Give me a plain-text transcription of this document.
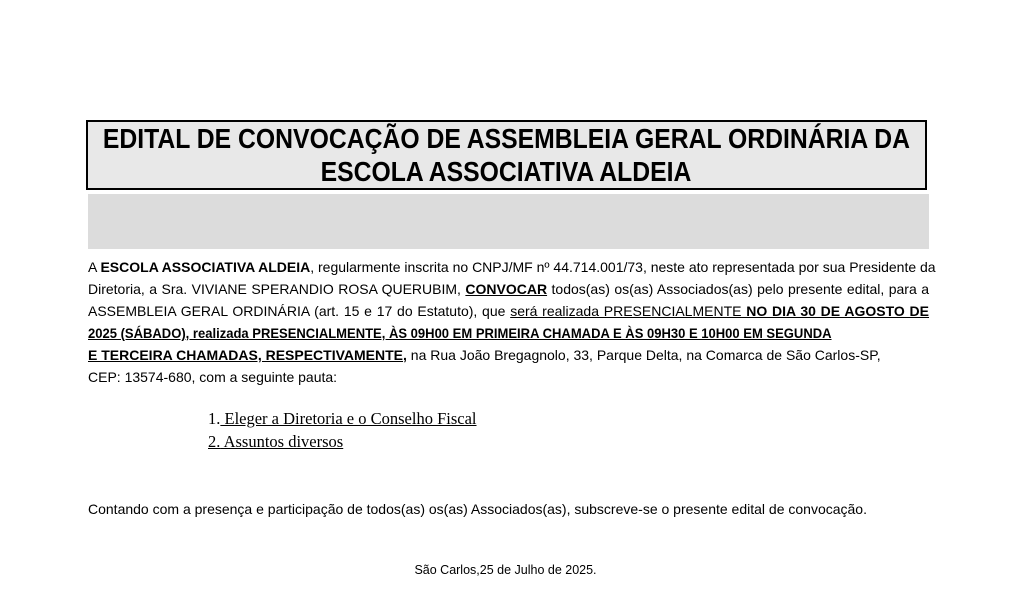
EDITAL DE CONVOCAÇÃO DE ASSEMBLEIA GERAL ORDINÁRIA DA
ESCOLA ASSOCIATIVA ALDEIA
A ESCOLA ASSOCIATIVA ALDEIA, regularmente inscrita no CNPJ/MF nº 44.714.001/73, neste ato representada por sua Presidente da
Diretoria, a Sra. VIVIANE SPERANDIO ROSA QUERUBIM, CONVOCAR todos(as) os(as) Associados(as) pelo presente edital, para a
ASSEMBLEIA GERAL ORDINÁRIA (art. 15 e 17 do Estatuto), que será realizada PRESENCIALMENTE NO DIA 30 DE AGOSTO DE
2025 (SÁBADO), realizada PRESENCIALMENTE, ÀS 09H00 EM PRIMEIRA CHAMADA E ÀS 09H30 E 10H00 EM SEGUNDA
E TERCEIRA CHAMADAS, RESPECTIVAMENTE, na Rua João Bregagnolo, 33, Parque Delta, na Comarca de São Carlos-SP,
CEP: 13574-680, com a seguinte pauta:
1. Eleger a Diretoria e o Conselho Fiscal
2. Assuntos diversos
Contando com a presença e participação de todos(as) os(as) Associados(as), subscreve-se o presente edital de convocação.
São Carlos,25 de Julho de 2025.
